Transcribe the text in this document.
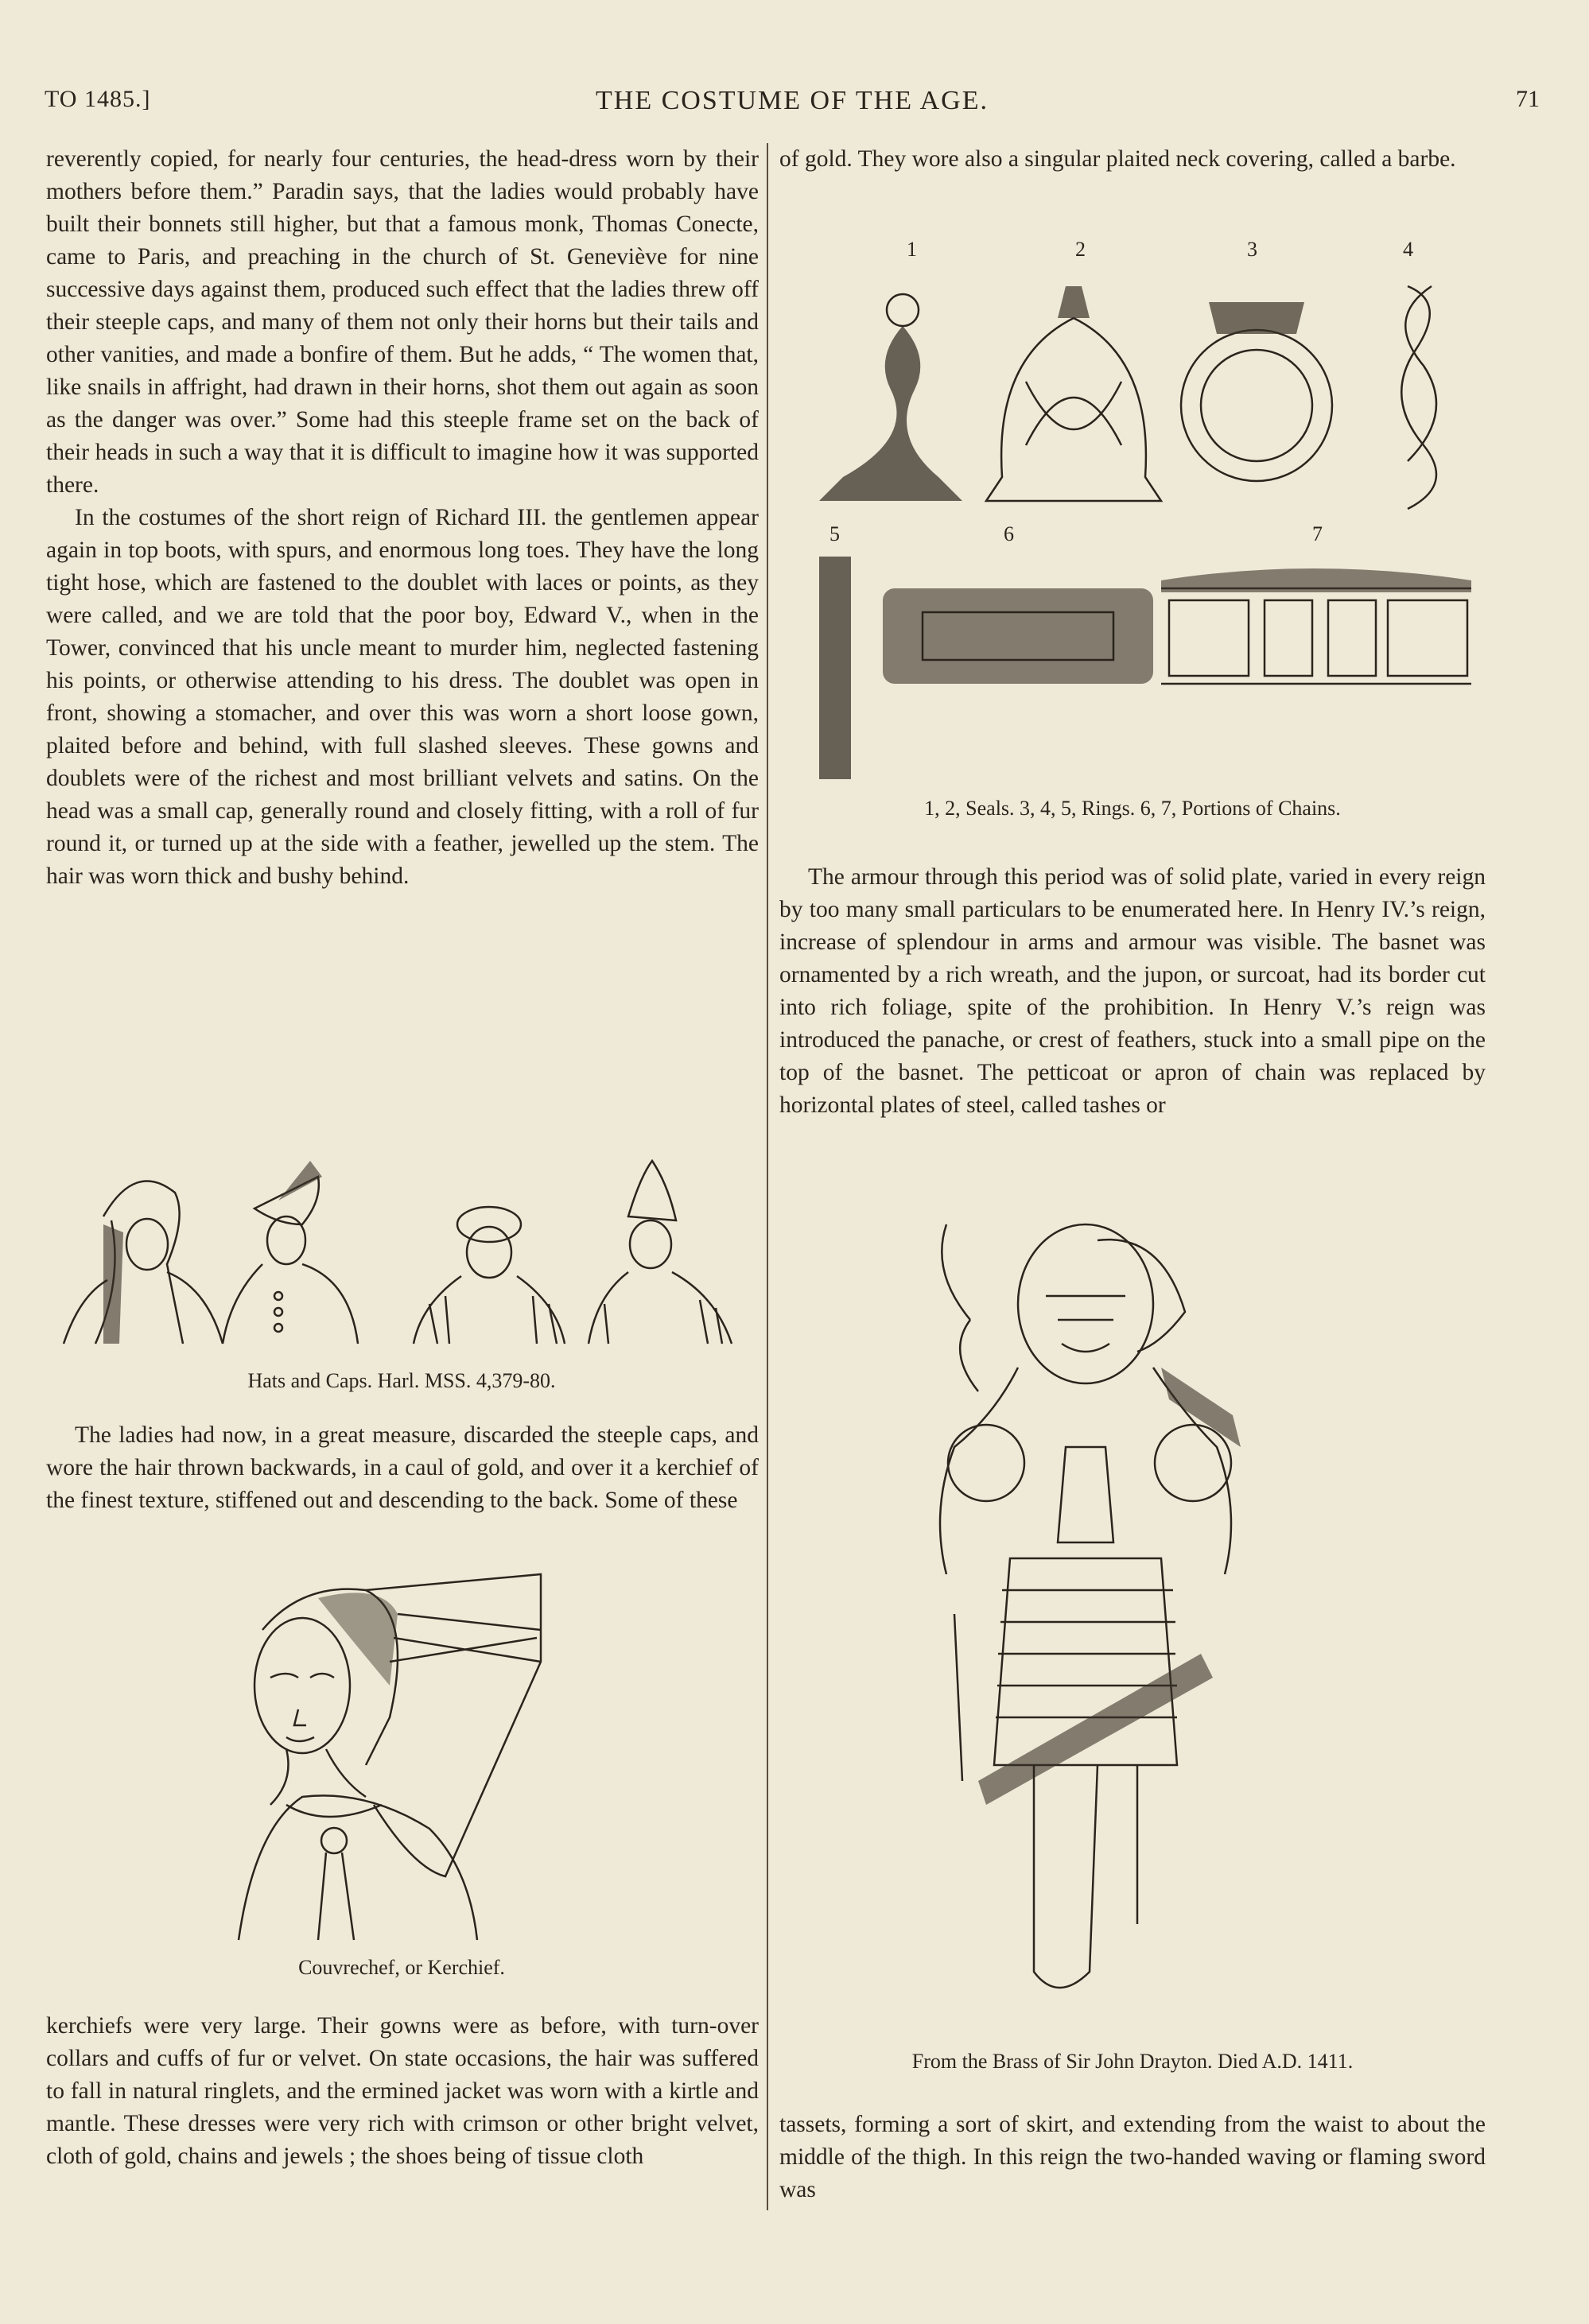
TO 1485.]	THE COSTUME OF THE AGE.	71

reverently copied, for nearly four centuries, the head-dress worn by their mothers before them.” Paradin says, that the ladies would probably have built their bonnets still higher, but that a famous monk, Thomas Conecte, came to Paris, and preaching in the church of St. Geneviève for nine successive days against them, produced such effect that the ladies threw off their steeple caps, and many of them not only their horns but their tails and other vanities, and made a bonfire of them. But he adds, “ The women that, like snails in affright, had drawn in their horns, shot them out again as soon as the danger was over.” Some had this steeple frame set on the back of their heads in such a way that it is difficult to imagine how it was supported there.

In the costumes of the short reign of Richard III. the gentlemen appear again in top boots, with spurs, and enormous long toes. They have the long tight hose, which are fastened to the doublet with laces or points, as they were called, and we are told that the poor boy, Edward V., when in the Tower, convinced that his uncle meant to murder him, neglected fastening his points, or otherwise attending to his dress. The doublet was open in front, showing a stomacher, and over this was worn a short loose gown, plaited before and behind, with full slashed sleeves. These gowns and doublets were of the richest and most brilliant velvets and satins. On the head was a small cap, generally round and closely fitting, with a roll of fur round it, or turned up at the side with a feather, jewelled up the stem. The hair was worn thick and bushy behind.

Hats and Caps. Harl. MSS. 4,379-80.

The ladies had now, in a great measure, discarded the steeple caps, and wore the hair thrown backwards, in a caul of gold, and over it a kerchief of the finest texture, stiffened out and descending to the back. Some of these

Couvrechef, or Kerchief.

kerchiefs were very large. Their gowns were as before, with turn-over collars and cuffs of fur or velvet. On state occasions, the hair was suffered to fall in natural ringlets, and the ermined jacket was worn with a kirtle and mantle. These dresses were very rich with crimson or other bright velvet, cloth of gold, chains and jewels ; the shoes being of tissue cloth

of gold. They wore also a singular plaited neck covering, called a barbe.

1	2	3	4
5	6	7
1, 2, Seals. 3, 4, 5, Rings. 6, 7, Portions of Chains.

The armour through this period was of solid plate, varied in every reign by too many small particulars to be enumerated here. In Henry IV.’s reign, increase of splendour in arms and armour was visible. The basnet was ornamented by a rich wreath, and the jupon, or surcoat, had its border cut into rich foliage, spite of the prohibition. In Henry V.’s reign was introduced the panache, or crest of feathers, stuck into a small pipe on the top of the basnet. The petticoat or apron of chain was replaced by horizontal plates of steel, called tashes or

From the Brass of Sir John Drayton. Died A.D. 1411.

tassets, forming a sort of skirt, and extending from the waist to about the middle of the thigh. In this reign the two-handed waving or flaming sword was
